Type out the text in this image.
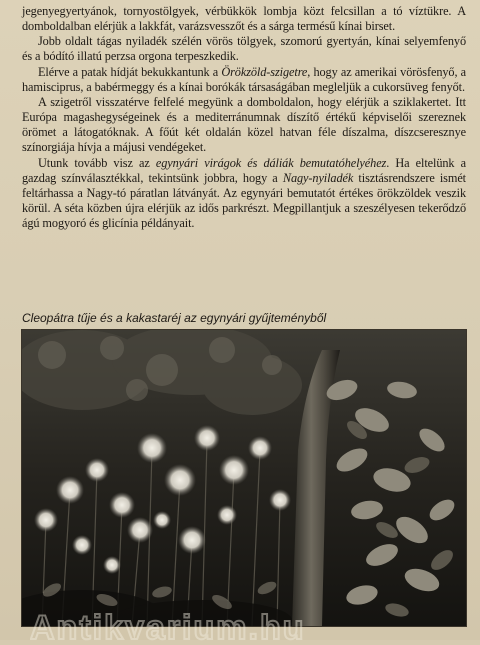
jegenyegyertyánok, tornyostölgyek, vérbükkök lombja közt felcsillan a tó víztükre. A domboldalban elérjük a lakkfát, varázsvesszőt és a sárga termésű kínai birset.

Jobb oldalt tágas nyiladék szélén vörös tölgyek, szomorú gyertyán, kínai selyemfenyő és a bódító illatú perzsa orgona terpeszkedik.

Elérve a patak hídját bekukkantunk a Örökzöld-szigetre, hogy az amerikai vörösfenyő, a hamisciprus, a babérmeggy és a kínai borókák társaságában megleljük a cukorsüveg fenyőt.

A szigetről visszatérve felfelé megyünk a domboldalon, hogy elérjük a sziklakertet. Itt Európa magashegységeinek és a mediterránumnak díszítő értékű képviselői szereznek örömet a látogatóknak. A főút két oldalán közel hatvan féle díszalma, díszcseresznye színorgiája hívja a májusi vendégeket.

Utunk tovább visz az egynyári virágok és dáliák bemutatóhelyéhez. Ha eltelünk a gazdag színválasztékkal, tekintsünk jobbra, hogy a Nagy-nyiladék tisztásrendszere ismét feltárhassa a Nagy-tó páratlan látványát. Az egynyári bemutatót értékes örökzöldek veszik körül. A séta közben újra elérjük az idős parkrészt. Megpillantjuk a szeszélyesen tekerődző ágú mogyoró és glicínia példányait.

Cleopátra tűje és a kakastaréj az egynyári gyűjteményből
Antikvarium.hu
